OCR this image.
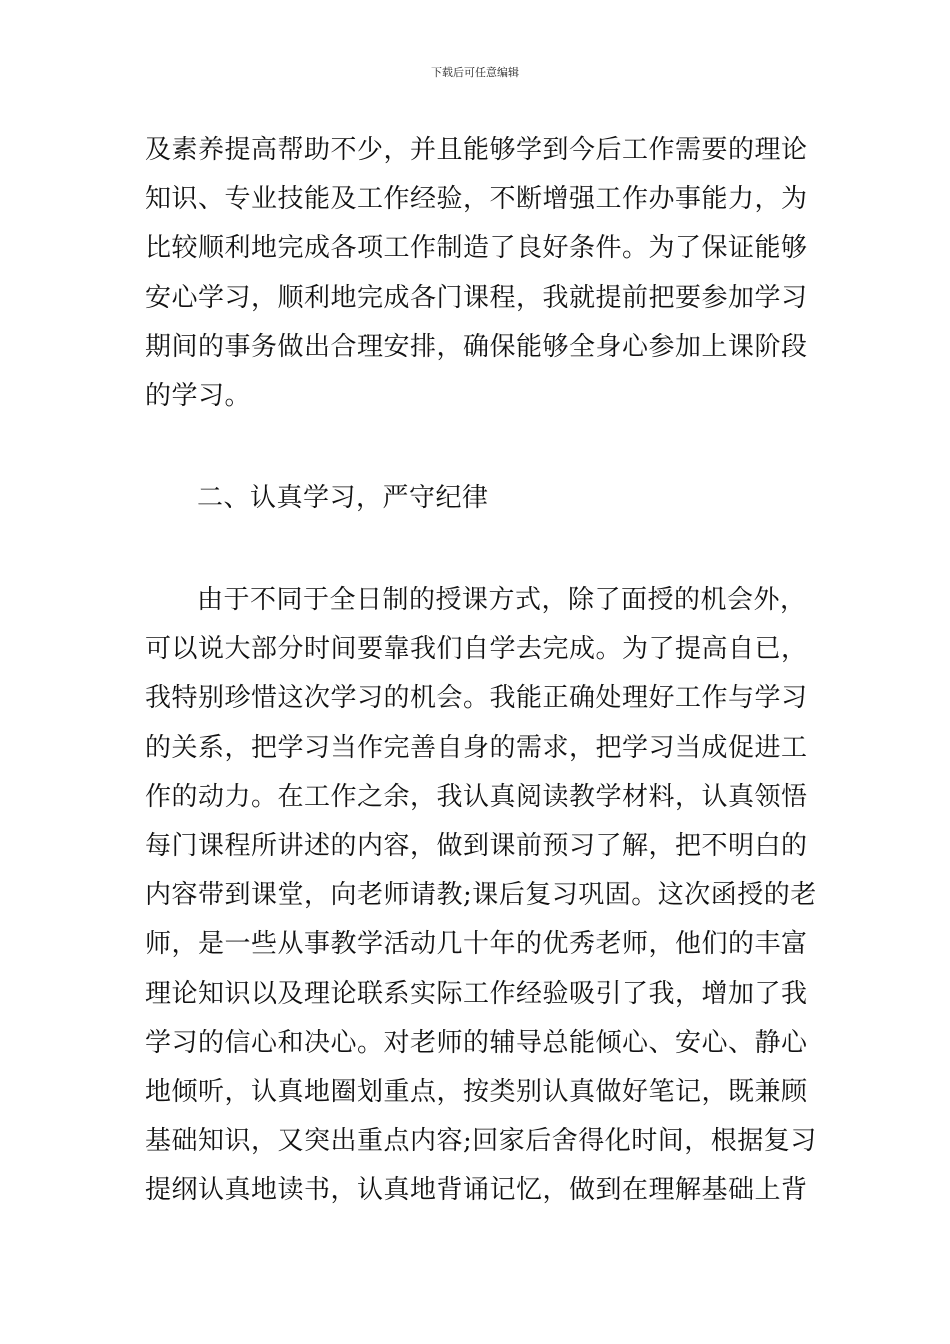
下载后可任意编辑
及素养提高帮助不少，并且能够学到今后工作需要的理论
知识、专业技能及工作经验，不断增强工作办事能力，为
比较顺利地完成各项工作制造了良好条件。为了保证能够
安心学习，顺利地完成各门课程，我就提前把要参加学习
期间的事务做出合理安排，确保能够全身心参加上课阶段
的学习。
二、认真学习，严守纪律
由于不同于全日制的授课方式，除了面授的机会外，
可以说大部分时间要靠我们自学去完成。为了提高自已，
我特别珍惜这次学习的机会。我能正确处理好工作与学习
的关系，把学习当作完善自身的需求，把学习当成促进工
作的动力。在工作之余，我认真阅读教学材料，认真领悟
每门课程所讲述的内容，做到课前预习了解，把不明白的
内容带到课堂，向老师请教;课后复习巩固。这次函授的老
师，是一些从事教学活动几十年的优秀老师，他们的丰富
理论知识以及理论联系实际工作经验吸引了我，增加了我
学习的信心和决心。对老师的辅导总能倾心、安心、静心
地倾听，认真地圈划重点，按类别认真做好笔记，既兼顾
基础知识，又突出重点内容;回家后舍得化时间，根据复习
提纲认真地读书，认真地背诵记忆，做到在理解基础上背
